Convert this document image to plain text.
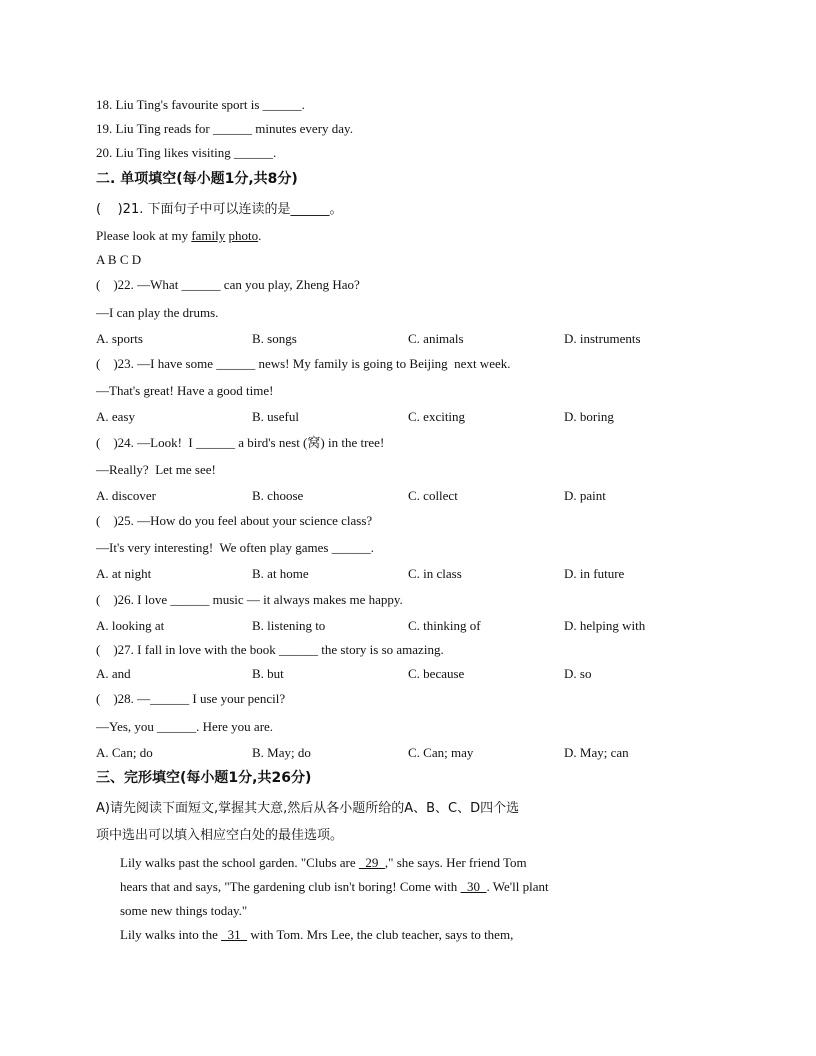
18. Liu Ting's favourite sport is ______.
19. Liu Ting reads for ______ minutes every day.
20. Liu Ting likes visiting ______.
二. 单项填空(每小题1分,共8分)
(    )21. 下面句子中可以连读的是______。
Please look at my family photo.
A B C D
(    )22. —What ______ can you play, Zheng Hao?
—I can play the drums.
A. sports	B. songs	C. animals	D. instruments
(    )23. —I have some ______ news! My family is going to Beijing  next week.
—That's great! Have a good time!
A. easy	B. useful	C. exciting	D. boring
(    )24. —Look!  I ______ a bird's nest (窝) in the tree!
—Really?  Let me see!
A. discover	B. choose	C. collect	D. paint
(    )25. —How do you feel about your science class?
—It's very interesting!  We often play games ______.
A. at night	B. at home	C. in class	D. in future
(    )26. I love ______ music — it always makes me happy.
A. looking at	B. listening to	C. thinking of	D. helping with
(    )27. I fall in love with the book ______ the story is so amazing.
A. and	B. but	C. because	D. so
(    )28. —______ I use your pencil?
—Yes, you ______. Here you are.
A. Can; do	B. May; do	C. Can; may	D. May; can
三、完形填空(每小题1分,共26分)
A)请先阅读下面短文,掌握其大意,然后从各小题所给的A、B、C、D四个选
项中选出可以填入相应空白处的最佳选项。
Lily walks past the school garden. "Clubs are   29  ," she says. Her friend Tom
hears that and says, "The gardening club isn't boring! Come with   30  . We'll plant
some new things today."
Lily walks into the   31   with Tom. Mrs Lee, the club teacher, says to them,
